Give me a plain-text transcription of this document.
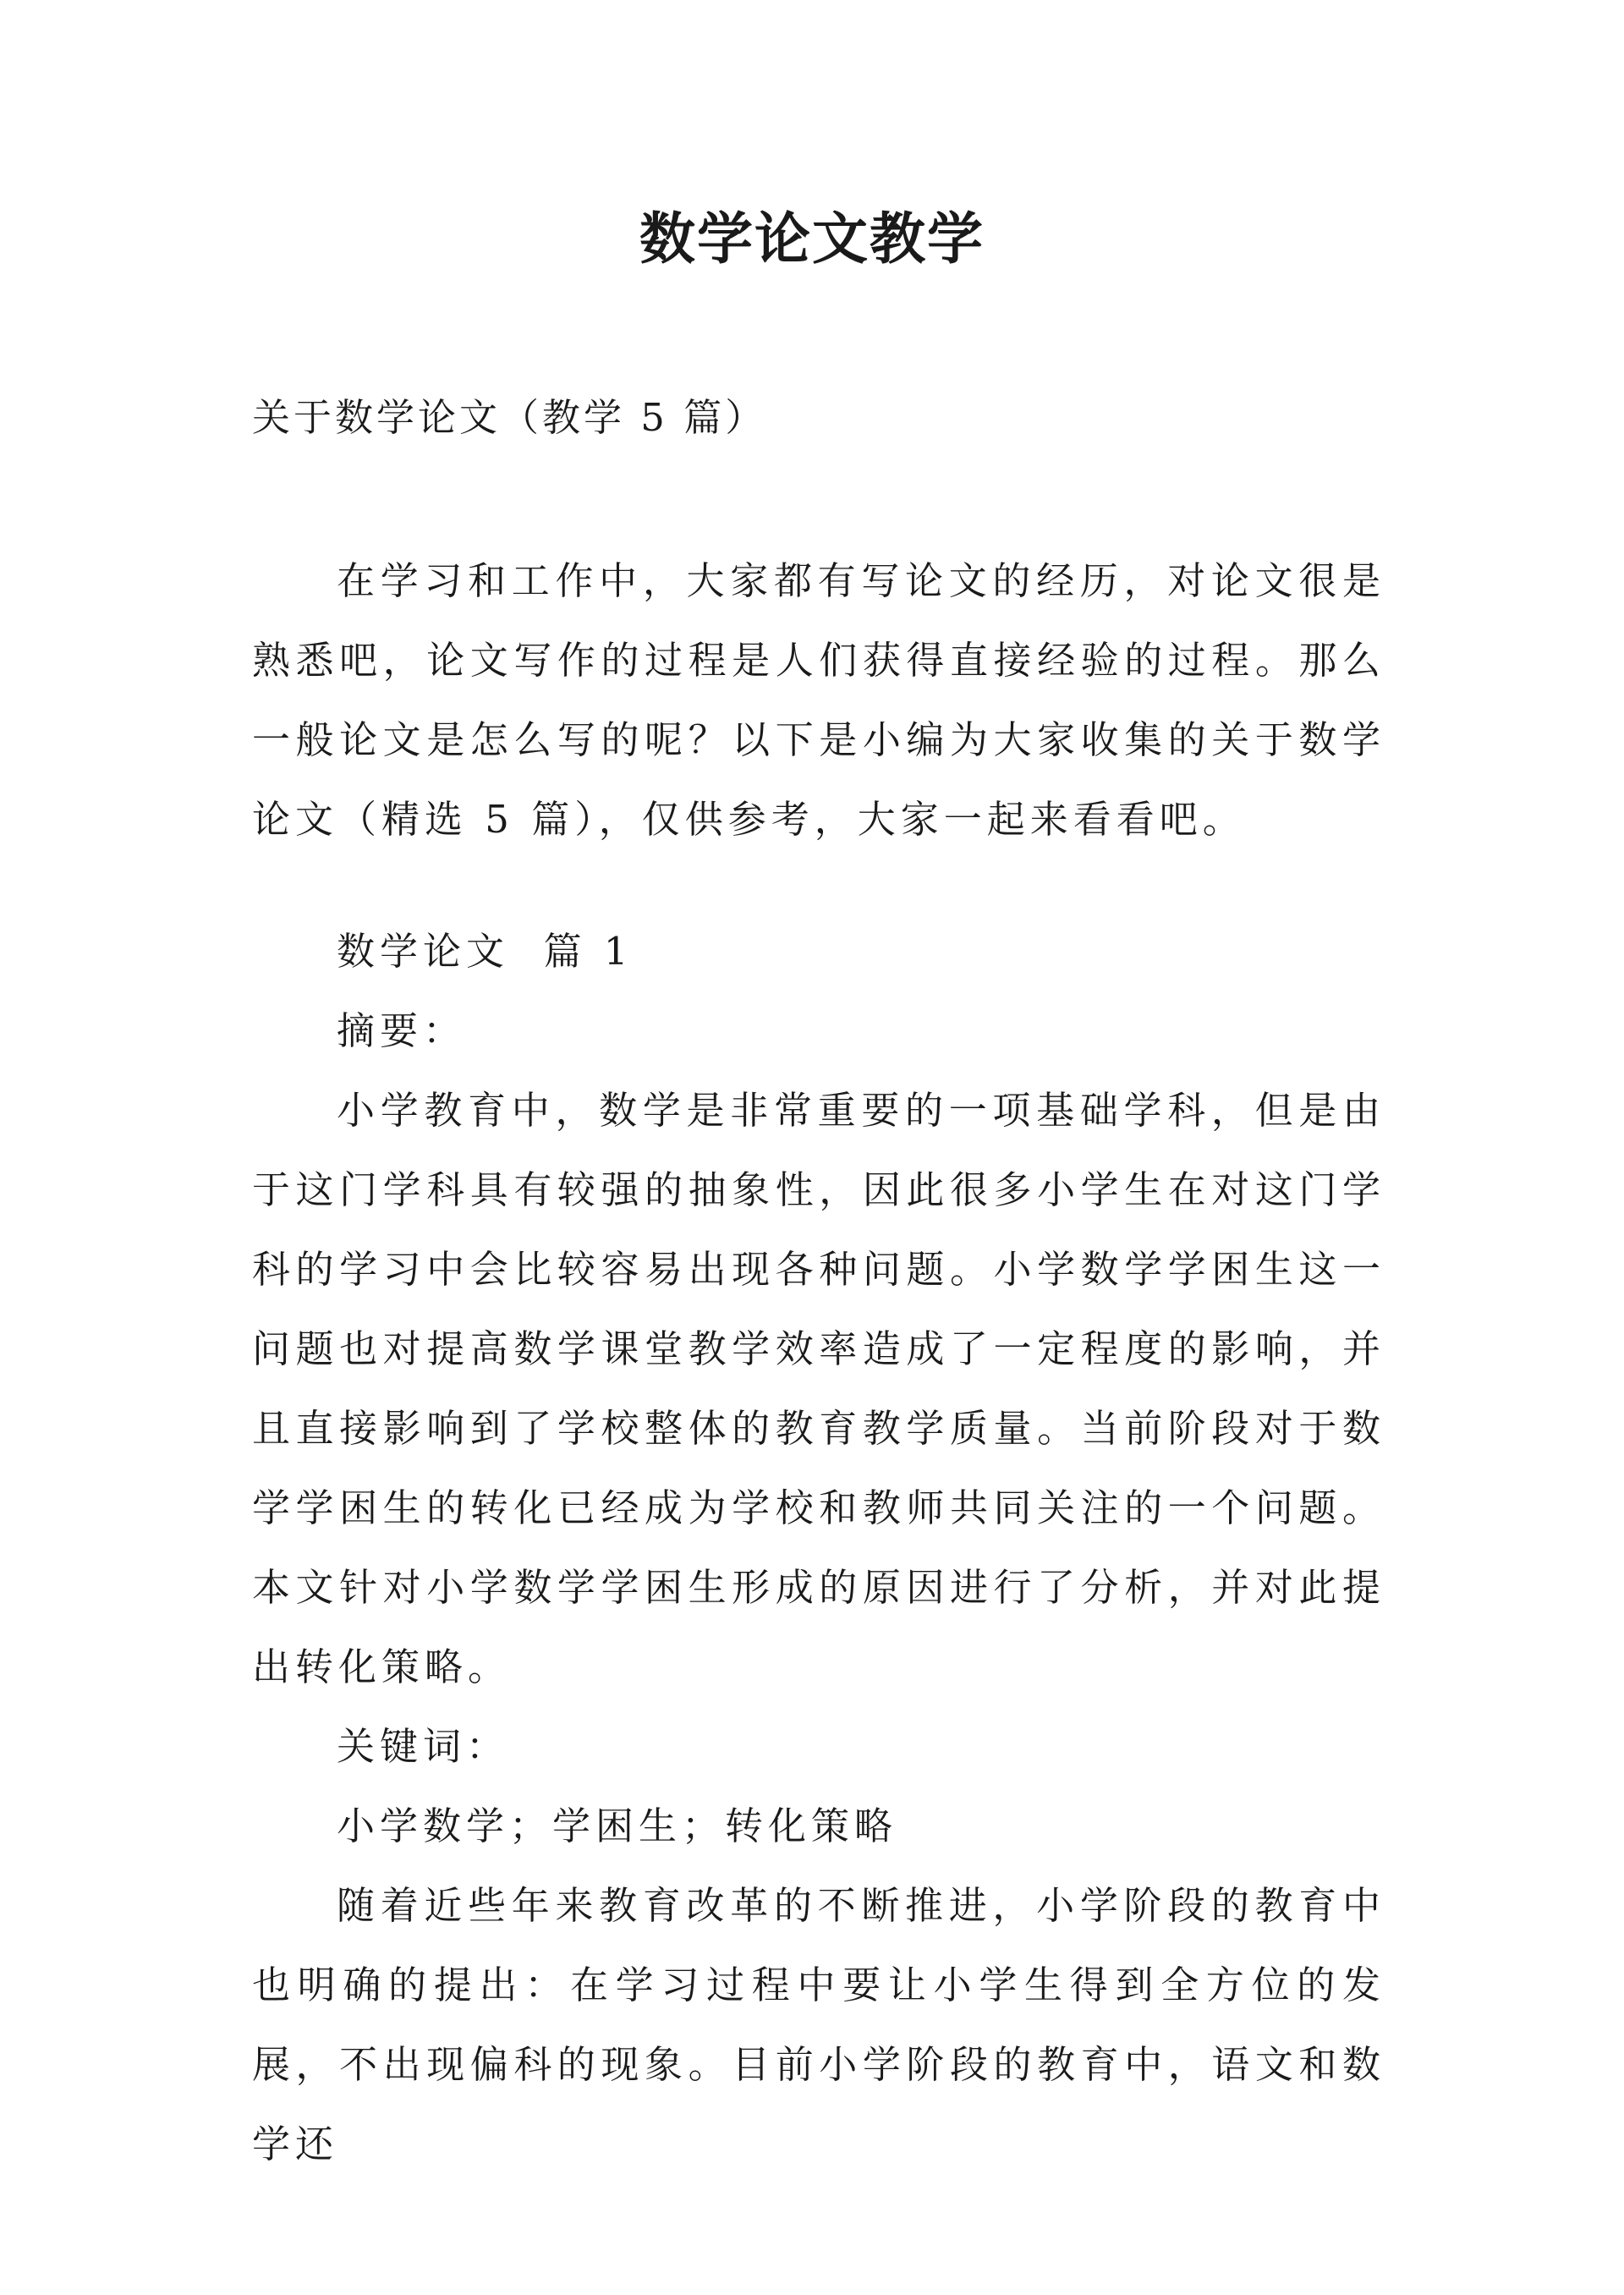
数学论文教学

关于数学论文（教学 5 篇）

在学习和工作中，大家都有写论文的经历，对论文很是熟悉吧，论文写作的过程是人们获得直接经验的过程。那么一般论文是怎么写的呢？以下是小编为大家收集的关于数学论文（精选 5 篇），仅供参考，大家一起来看看吧。

数学论文  篇 1

摘要：

小学教育中，数学是非常重要的一项基础学科，但是由于这门学科具有较强的抽象性，因此很多小学生在对这门学科的学习中会比较容易出现各种问题。小学数学学困生这一问题也对提高数学课堂教学效率造成了一定程度的影响，并且直接影响到了学校整体的教育教学质量。当前阶段对于数学学困生的转化已经成为学校和教师共同关注的一个问题。本文针对小学数学学困生形成的原因进行了分析，并对此提出转化策略。

关键词：

小学数学；学困生；转化策略

随着近些年来教育改革的不断推进，小学阶段的教育中也明确的提出：在学习过程中要让小学生得到全方位的发展，不出现偏科的现象。目前小学阶段的教育中，语文和数学还
